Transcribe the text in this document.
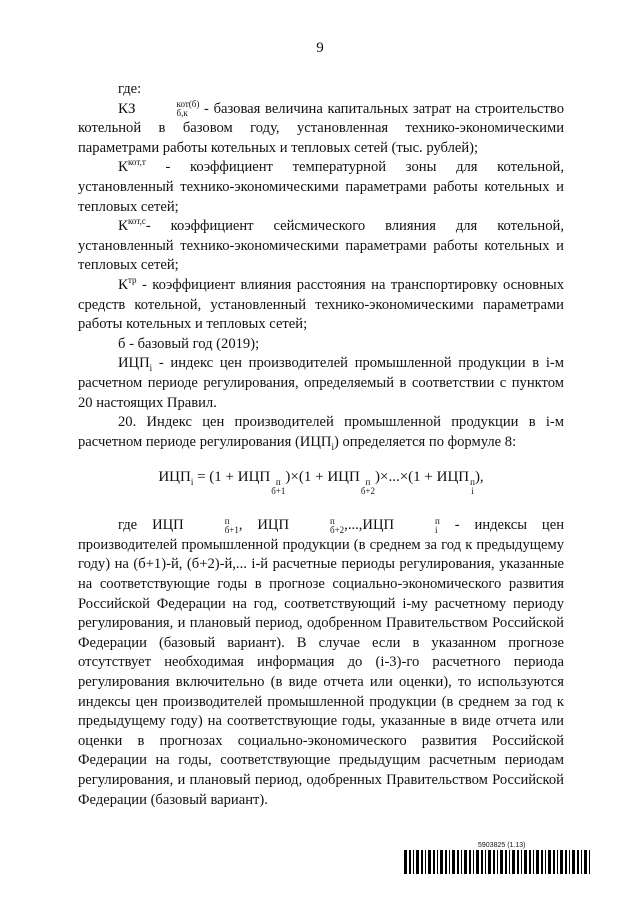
9

где:

КЗ	кот(б)
б,к - базовая величина капитальных затрат на строительство котельной в базовом году, установленная технико-экономическими параметрами работы котельных и тепловых сетей (тыс. рублей);

$К^{кот,т}$ - коэффициент температурной зоны для котельной, установленный технико-экономическими параметрами работы котельных и тепловых сетей;

$К^{кот,с}-$ коэффициент сейсмического влияния для котельной, установленный технико-экономическими параметрами работы котельных и тепловых сетей;

$К^{тр}$ - коэффициент влияния расстояния на транспортировку основных средств котельной, установленный технико-экономическими параметрами работы котельных и тепловых сетей;

б - базовый год (2019);

$ИЦП_i$ - индекс цен производителей промышленной продукции в i-м расчетном периоде регулирования, определяемый в соответствии с пунктом 20 настоящих Правил.

20. Индекс цен производителей промышленной продукции в i-м расчетном периоде регулирования $(ИЦП_i)$ определяется по формуле 8:

$ИЦП_i = (1$ + ИЦП п
б+1
)×(1 + ИЦП п
б+2
)×...×(1 + ИЦП п
i
),

где ИЦП	п
б+1 , ИЦП	п
б+2 ,...,ИЦП	п
i - индексы цен производителей промышленной продукции (в среднем за год к предыдущему году) на (б+1)-й, (б+2)-й,... i-й расчетные периоды регулирования, указанные на соответствующие годы в прогнозе социально-экономического развития Российской Федерации на год, соответствующий i-му расчетному периоду регулирования, и плановый период, одобренном Правительством Российской Федерации (базовый вариант). В случае если в указанном прогнозе отсутствует необходимая информация до (i-3)-го расчетного периода регулирования включительно (в виде отчета или оценки), то используются индексы цен производителей промышленной продукции (в среднем за год к предыдущему году) на соответствующие годы, указанные в виде отчета или оценки в прогнозах социально-экономического развития Российской Федерации на годы, соответствующие предыдущим расчетным периодам регулирования, и плановый период, одобренных Правительством Российской Федерации (базовый вариант).

5903825 (1.13)
